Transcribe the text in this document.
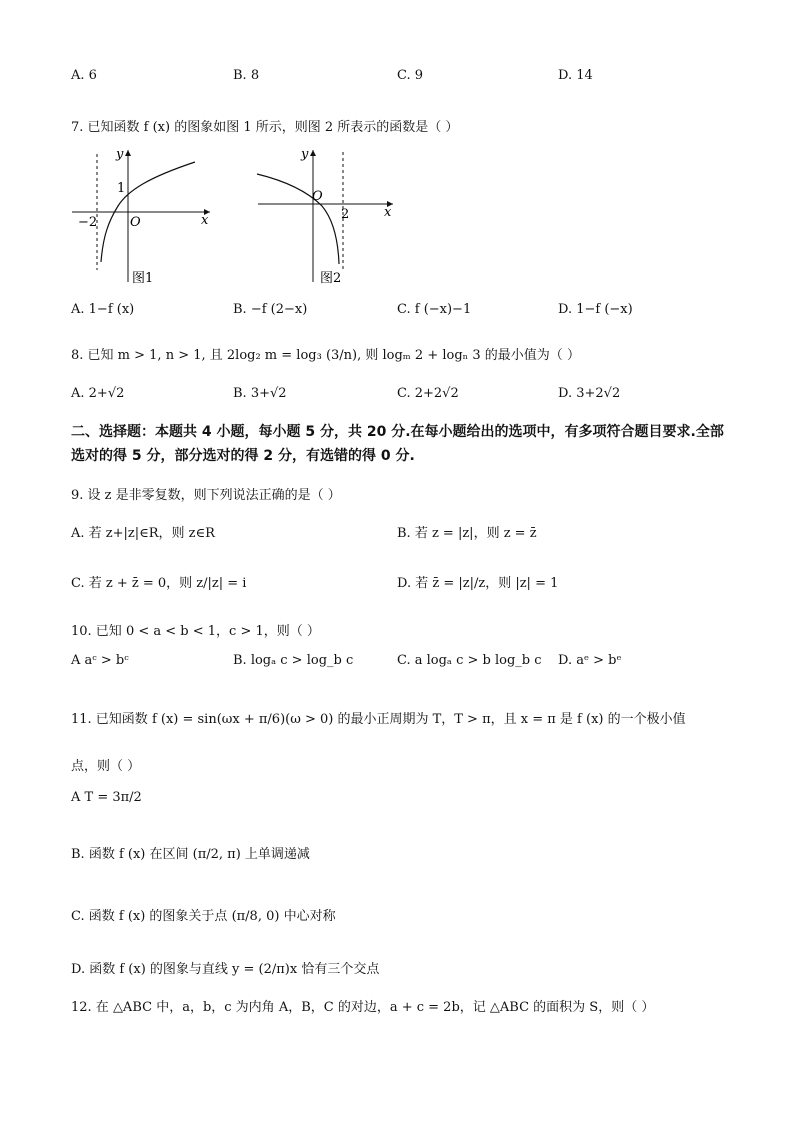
A. 6	B. 8	C. 9	D. 14
7. 已知函数 f (x) 的图象如图 1 所示，则图 2 所表示的函数是（ ）
y
x
O
1
−2
图1
y
x
O
2
图2
A. 1−f (x)	B. −f (2−x)	C. f (−x)−1	D. 1−f (−x)
8. 已知 m > 1, n > 1, 且 2log₂ m = log₃ (3/n), 则 logₘ 2 + logₙ 3 的最小值为（ ）
A. 2+√2	B. 3+√2	C. 2+2√2	D. 3+2√2
二、选择题：本题共 4 小题，每小题 5 分，共 20 分.在每小题给出的选项中，有多项符合题目要求.全部选对的得 5 分，部分选对的得 2 分，有选错的得 0 分.
9. 设 z 是非零复数，则下列说法正确的是（ ）
A. 若 z+|z|∈R，则 z∈R	B. 若 z = |z|，则 z = z̄
C. 若 z + z̄ = 0，则 z/|z| = i	D. 若 z̄ = |z|/z，则 |z| = 1
10. 已知 0 < a < b < 1，c > 1，则（ ）
A aᶜ > bᶜ	B. logₐ c > log_b c	C. a logₐ c > b log_b c D. aᵉ > bᵉ
11. 已知函数 f (x) = sin(ωx + π/6)(ω > 0) 的最小正周期为 T，T > π，且 x = π 是 f (x) 的一个极小值
点，则（ ）
A T = 3π/2
B. 函数 f (x) 在区间 (π/2, π) 上单调递减
C. 函数 f (x) 的图象关于点 (π/8, 0) 中心对称
D. 函数 f (x) 的图象与直线 y = (2/π)x 恰有三个交点
12. 在 △ABC 中，a，b，c 为内角 A，B，C 的对边，a + c = 2b，记 △ABC 的面积为 S，则（ ）
